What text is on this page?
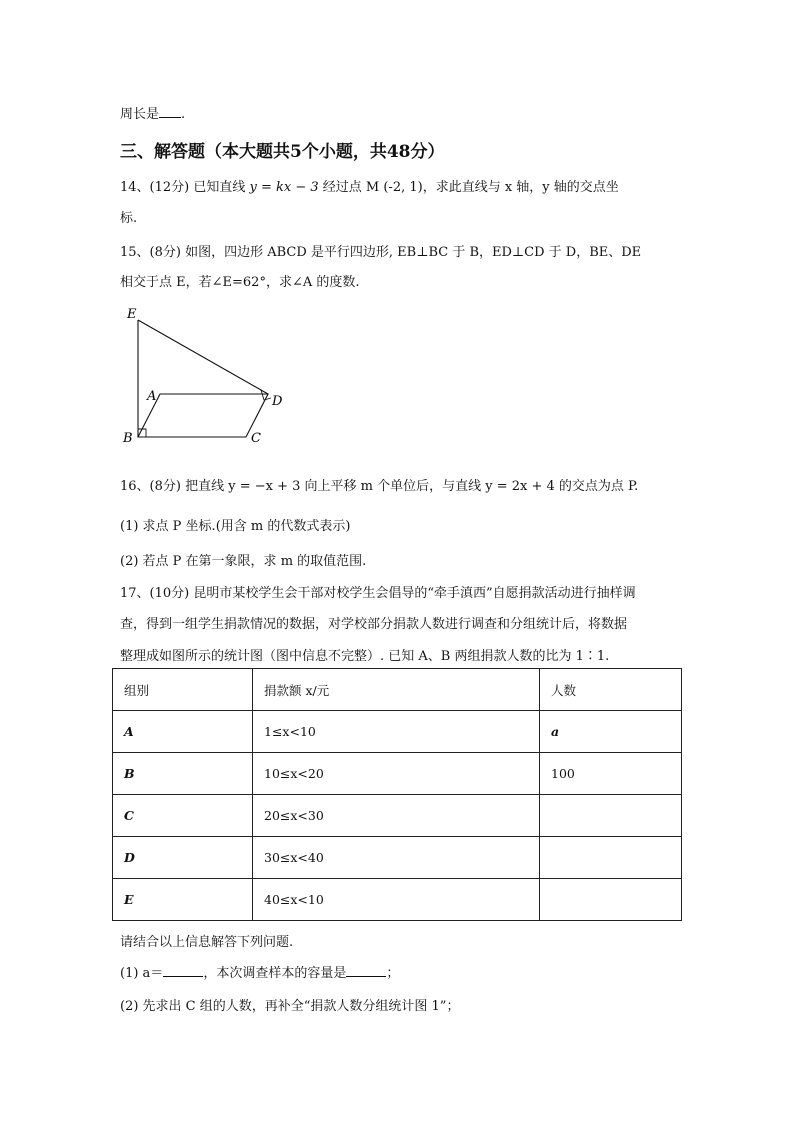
周长是 .
三、解答题（本大题共5个小题，共48分）
14、(12分) 已知直线 y = kx − 3 经过点 M (-2, 1)，求此直线与 x 轴，y 轴的交点坐
标.
15、(8分) 如图，四边形 ABCD 是平行四边形, EB⊥BC 于 B，ED⊥CD 于 D，BE、DE
相交于点 E，若∠E=62°，求∠A 的度数.
E
A	D
B	C
16、(8分) 把直线 y = −x + 3 向上平移 m 个单位后，与直线 y = 2x + 4 的交点为点 P.
(1) 求点 P 坐标.(用含 m 的代数式表示)
(2) 若点 P 在第一象限，求 m 的取值范围.
17、(10分) 昆明市某校学生会干部对校学生会倡导的“牵手滇西”自愿捐款活动进行抽样调
查，得到一组学生捐款情况的数据，对学校部分捐款人数进行调查和分组统计后，将数据
整理成如图所示的统计图（图中信息不完整）. 已知 A、B 两组捐款人数的比为 1∶1.
组别	捐款额 x/元	人数
A	1≤x<10	a
B	10≤x<20	100
C	20≤x<30	
D	30≤x<40	
E	40≤x<10	
请结合以上信息解答下列问题.
(1) a＝	，本次调查样本的容量是	；
(2) 先求出 C 组的人数，再补全“捐款人数分组统计图 1”；
